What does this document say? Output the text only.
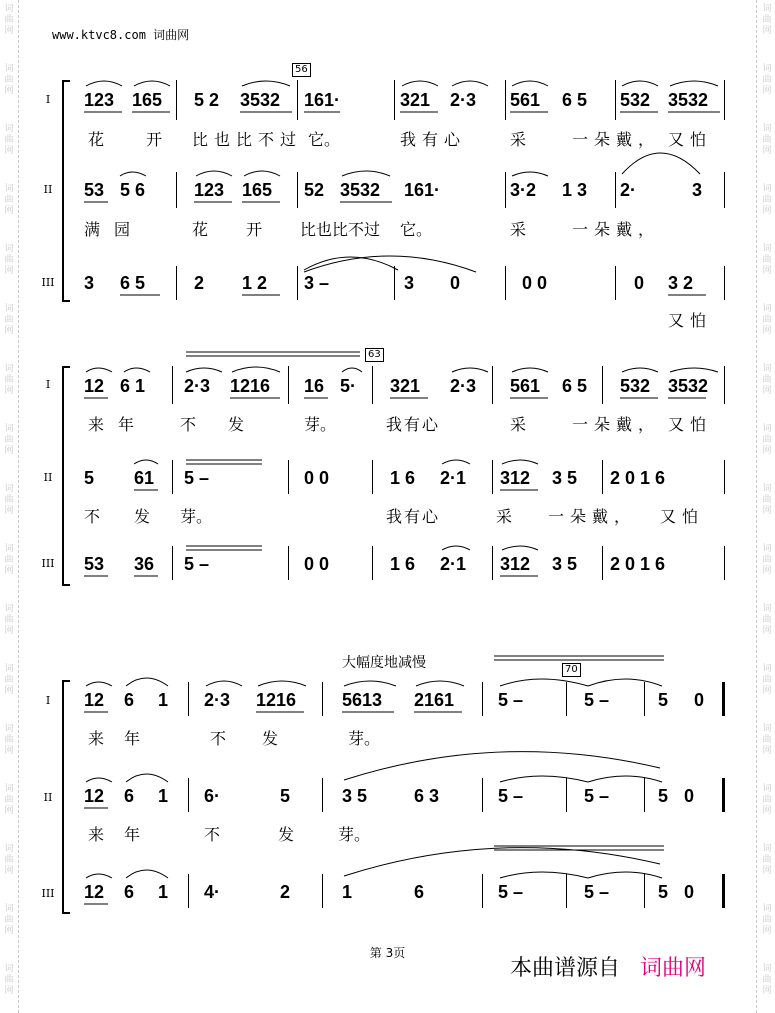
词
曲
网
词
曲
网
词
曲
网
词
曲
网
词
曲
网
词
曲
网
词
曲
网
词
曲
网
词
曲
网
词
曲
网
词
曲
网
词
曲
网
词
曲
网
词
曲
网
词
曲
网
词
曲
网
词
曲
网
词
曲
网
词
曲
网
词
曲
网
词
曲
网
词
曲
网
词
曲
网
词
曲
网
词
曲
网
词
曲
网
词
曲
网
词
曲
网
词
曲
网
词
曲
网
词
曲
网
词
曲
网
词
曲
网
词
曲
网
www.ktvc8.com 词曲网
56
I
II
III
123 165 5 2 3532 161·	321 2·3 561 6 5 532 3532
花	开 比也比不过 它。	我有心	采	一朵戴， 又怕
53 5 6	123 165 52 3532 161·	3·2 1 3 2·	3
满园	花 开 比也比不过 它。	采	一朵戴，
3 6 5	2 1 2 3 –	3 0	0 0	0 3 2
又怕
63
I
II
III
12 6 1 2·3 1216 16 5· 321 2·3 561 6 5 532 3532
来年 不 发	芽。	我有心	采	一朵戴， 又怕
5 61 5 –	0 0	1 6 2·1 312 3 5 2 0 1 6
不 发 芽。	我有心	采 一朵戴， 又怕
53 36 5 –	0 0	1 6 2·1 312 3 5 2 0 1 6
大幅度地减慢	70
I
II
III
12 6 1 2·3 1216	5613 2161 5 –	5 –	5 0
来 年	不 发	芽。
12 6 1 6·	5	3 5	6 3	5 –	5 –	5 0
来 年	不	发	芽。
12 6 1 4·	2	1	6	5 –	5 –	5 0
第 3页
本曲谱源自 词曲网
